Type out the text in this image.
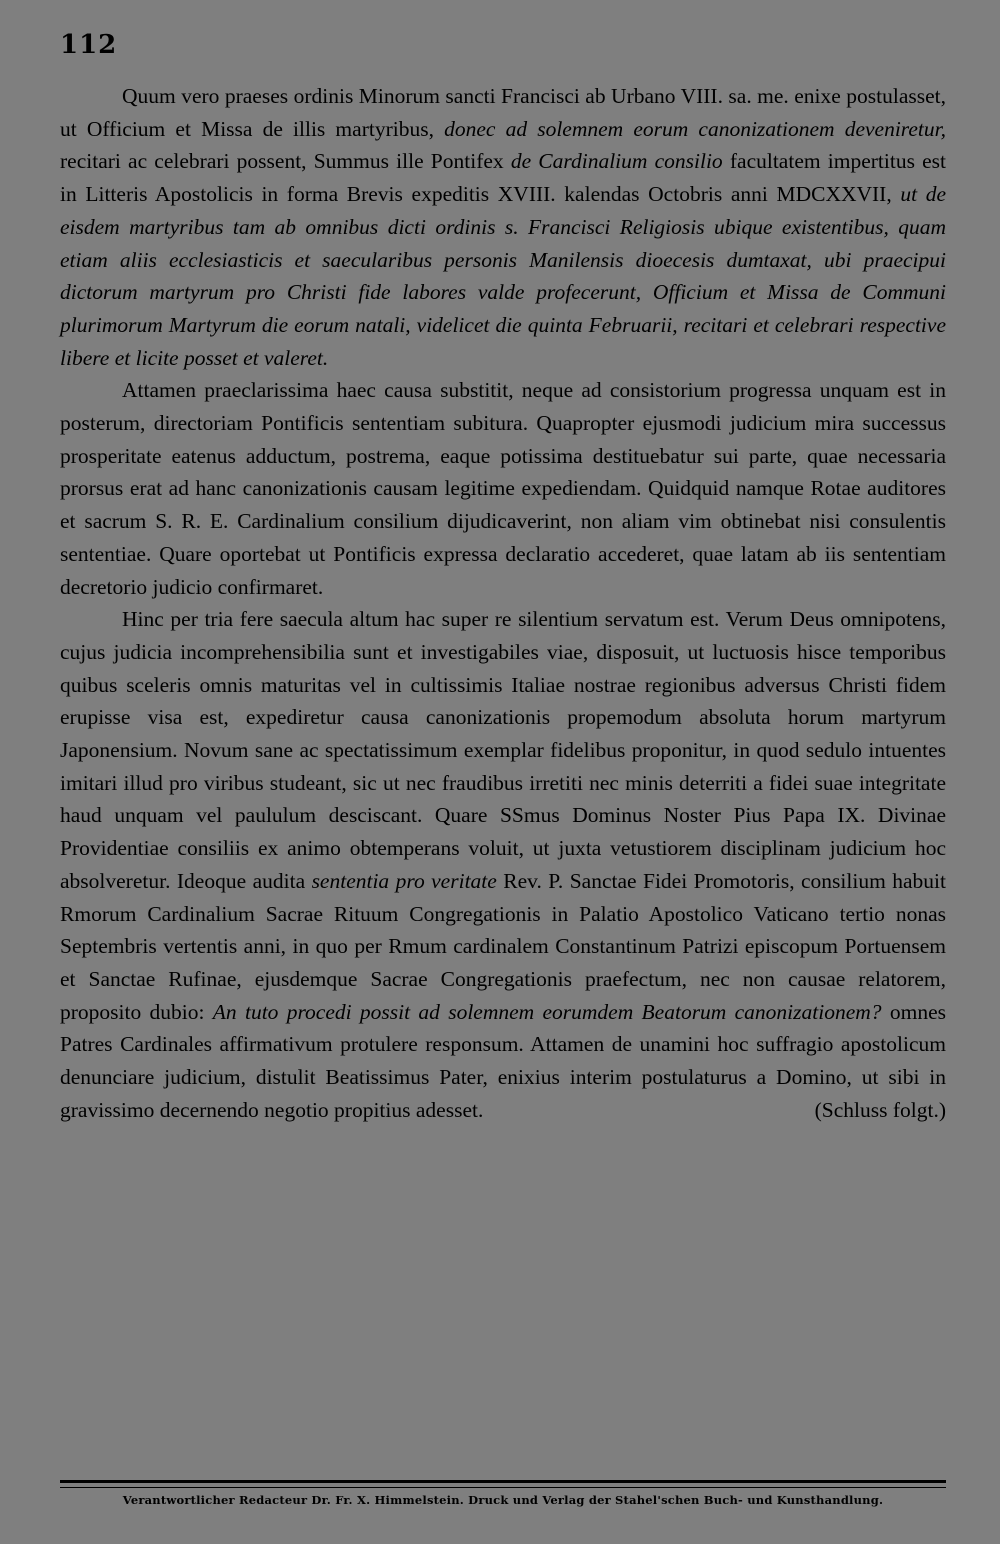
112

Quum vero praeses ordinis Minorum sancti Francisci ab Urbano VIII. sa. me. enixe postulasset, ut Officium et Missa de illis martyribus, donec ad solemnem eorum canonizationem deveniretur, recitari ac celebrari possent, Summus ille Pontifex de Cardinalium consilio facultatem impertitus est in Litteris Apostolicis in forma Brevis expeditis XVIII. kalendas Octobris anni MDCXXVII, ut de eisdem martyribus tam ab omnibus dicti ordinis s. Francisci Religiosis ubique existentibus, quam etiam aliis ecclesiasticis et saecularibus personis Manilensis dioecesis dumtaxat, ubi praecipui dictorum martyrum pro Christi fide labores valde profecerunt, Officium et Missa de Communi plurimorum Martyrum die eorum natali, videlicet die quinta Februarii, recitari et celebrari respective libere et licite posset et valeret.

Attamen praeclarissima haec causa substitit, neque ad consistorium progressa unquam est in posterum, directoriam Pontificis sententiam subitura. Quapropter ejusmodi judicium mira successus prosperitate eatenus adductum, postrema, eaque potissima destituebatur sui parte, quae necessaria prorsus erat ad hanc canonizationis causam legitime expediendam. Quidquid namque Rotae auditores et sacrum S. R. E. Cardinalium consilium dijudicaverint, non aliam vim obtinebat nisi consulentis sententiae. Quare oportebat ut Pontificis expressa declaratio accederet, quae latam ab iis sententiam decretorio judicio confirmaret.

Hinc per tria fere saecula altum hac super re silentium servatum est. Verum Deus omnipotens, cujus judicia incomprehensibilia sunt et investigabiles viae, disposuit, ut luctuosis hisce temporibus quibus sceleris omnis maturitas vel in cultissimis Italiae nostrae regionibus adversus Christi fidem erupisse visa est, expediretur causa canonizationis propemodum absoluta horum martyrum Japonensium. Novum sane ac spectatissimum exemplar fidelibus proponitur, in quod sedulo intuentes imitari illud pro viribus studeant, sic ut nec fraudibus irretiti nec minis deterriti a fidei suae integritate haud unquam vel paululum desciscant. Quare SSmus Dominus Noster Pius Papa IX. Divinae Providentiae consiliis ex animo obtemperans voluit, ut juxta vetustiorem disciplinam judicium hoc absolveretur. Ideoque audita sententia pro veritate Rev. P. Sanctae Fidei Promotoris, consilium habuit Rmorum Cardinalium Sacrae Rituum Congregationis in Palatio Apostolico Vaticano tertio nonas Septembris vertentis anni, in quo per Rmum cardinalem Constantinum Patrizi episcopum Portuensem et Sanctae Rufinae, ejusdemque Sacrae Congregationis praefectum, nec non causae relatorem, proposito dubio: An tuto procedi possit ad solemnem eorumdem Beatorum canonizationem? omnes Patres Cardinales affirmativum protulere responsum. Attamen de unamini hoc suffragio apostolicum denunciare judicium, distulit Beatissimus Pater, enixius interim postulaturus a Domino, ut sibi in gravissimo decernendo negotio propitius adesset.	(Schluss folgt.)

Verantwortlicher Redacteur Dr. Fr. X. Himmelstein. Druck und Verlag der Stahel'schen Buch- und Kunsthandlung.
